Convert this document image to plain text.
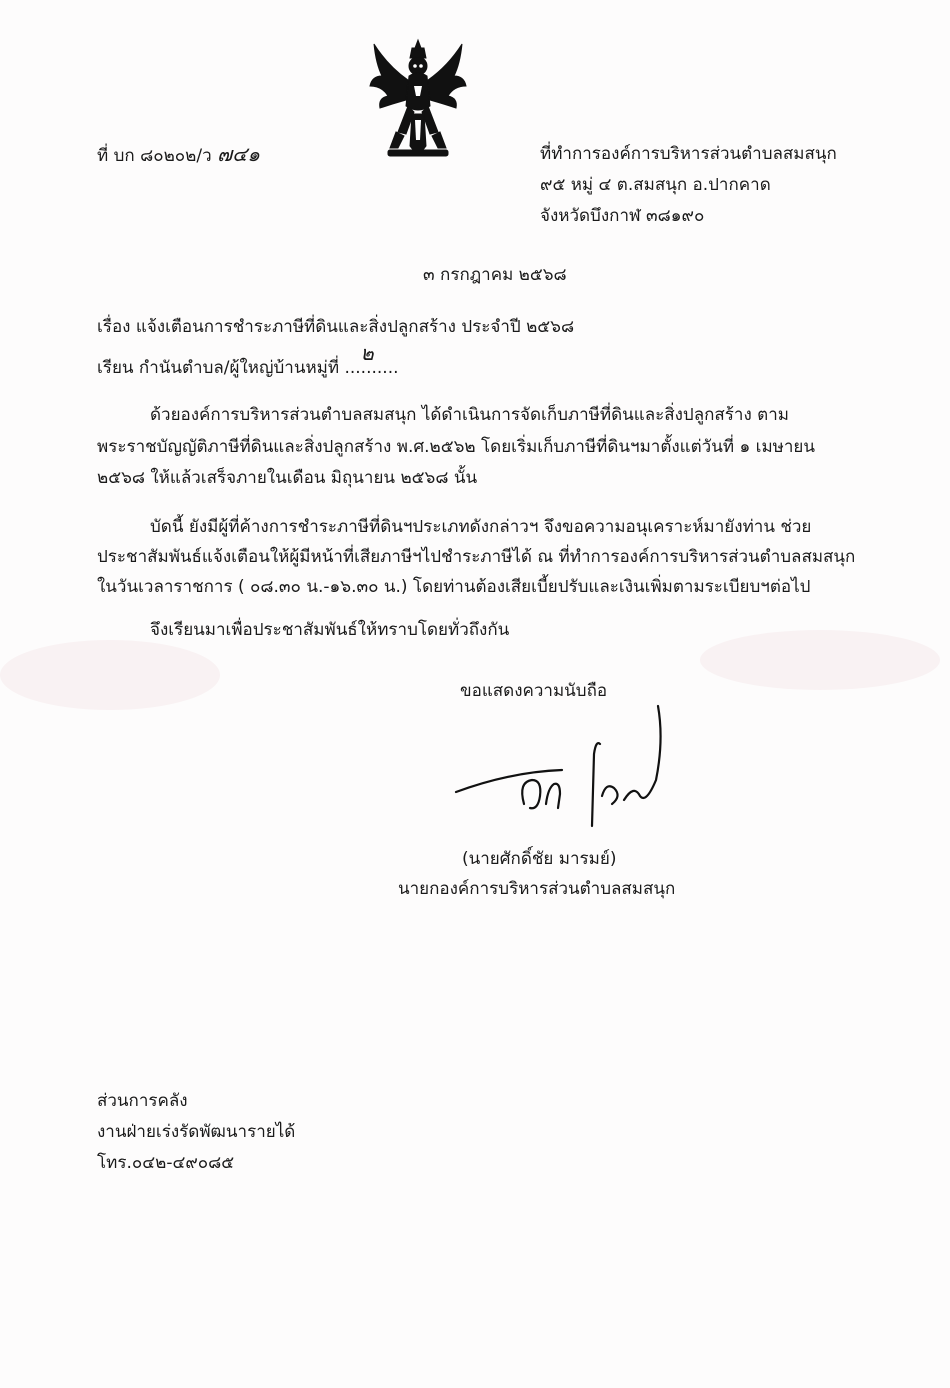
ที่ บก ๘๐๒๐๒/ว ๗๔๑	ที่ทำการองค์การบริหารส่วนตำบลสมสนุก
๙๕ หมู่ ๔ ต.สมสนุก อ.ปากคาด
จังหวัดบึงกาฬ ๓๘๑๙๐
๓ กรกฎาคม ๒๕๖๘
เรื่อง แจ้งเตือนการชำระภาษีที่ดินและสิ่งปลูกสร้าง ประจำปี ๒๕๖๘
เรียน กำนันตำบล/ผู้ใหญ่บ้านหมู่ที่ ..........
๒
ด้วยองค์การบริหารส่วนตำบลสมสนุก ได้ดำเนินการจัดเก็บภาษีที่ดินและสิ่งปลูกสร้าง ตาม
พระราชบัญญัติภาษีที่ดินและสิ่งปลูกสร้าง พ.ศ.๒๕๖๒ โดยเริ่มเก็บภาษีที่ดินฯมาตั้งแต่วันที่ ๑ เมษายน
๒๕๖๘ ให้แล้วเสร็จภายในเดือน มิถุนายน ๒๕๖๘ นั้น
บัดนี้ ยังมีผู้ที่ค้างการชำระภาษีที่ดินฯประเภทดังกล่าวฯ จึงขอความอนุเคราะห์มายังท่าน ช่วย
ประชาสัมพันธ์แจ้งเตือนให้ผู้มีหน้าที่เสียภาษีฯไปชำระภาษีได้ ณ ที่ทำการองค์การบริหารส่วนตำบลสมสนุก
ในวันเวลาราชการ ( ๐๘.๓๐ น.-๑๖.๓๐ น.) โดยท่านต้องเสียเบี้ยปรับและเงินเพิ่มตามระเบียบฯต่อไป
จึงเรียนมาเพื่อประชาสัมพันธ์ให้ทราบโดยทั่วถึงกัน
ขอแสดงความนับถือ
(นายศักดิ์ชัย มารมย์)
นายกองค์การบริหารส่วนตำบลสมสนุก
ส่วนการคลัง
งานฝ่ายเร่งรัดพัฒนารายได้
โทร.๐๔๒-๔๙๐๘๕
